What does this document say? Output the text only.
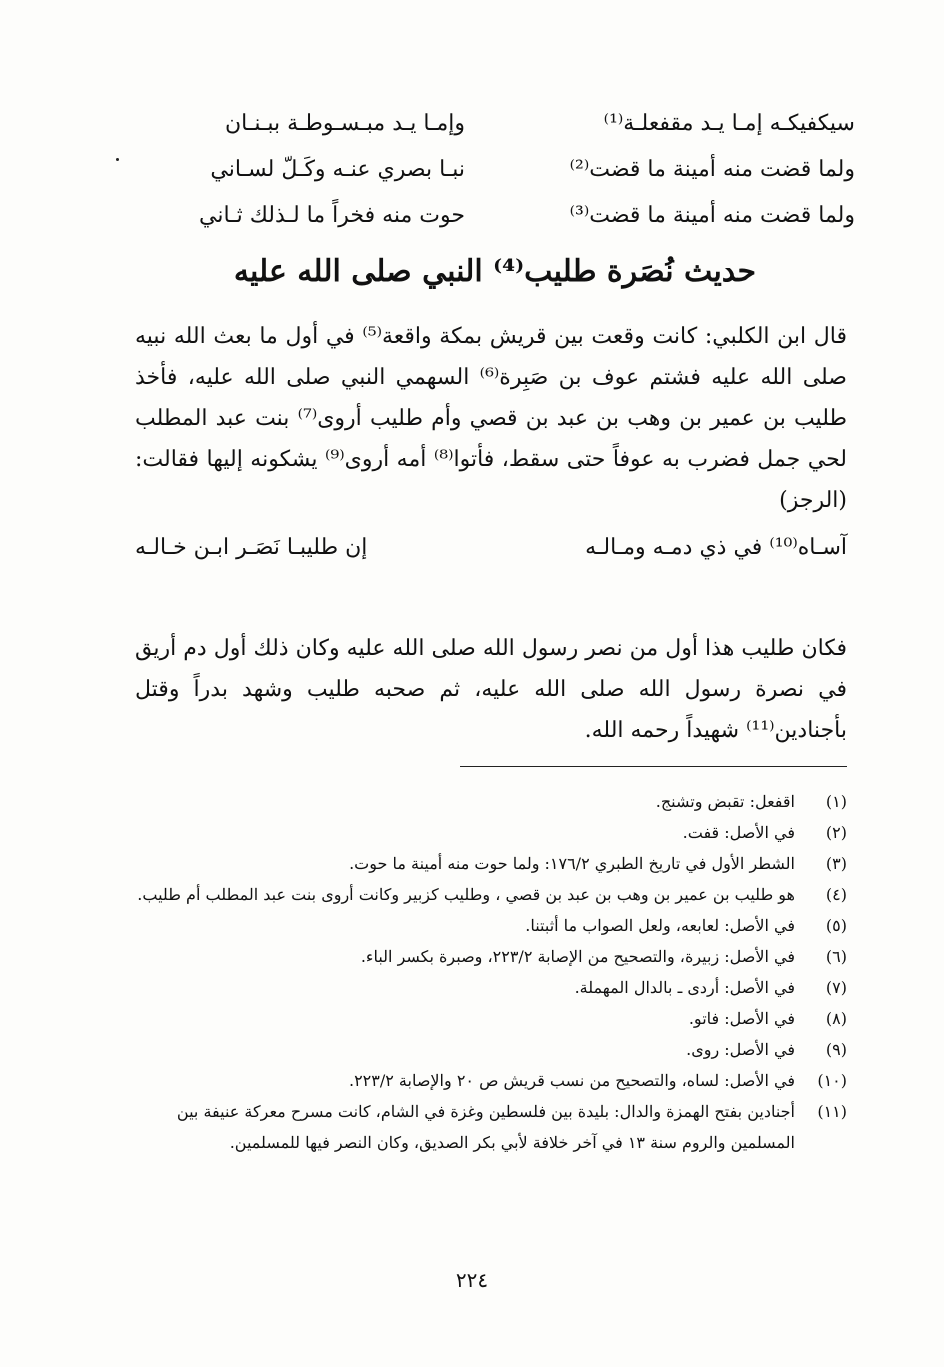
سيكفيكـه إمـا يـد مقفعلـة⁽¹⁾
وإمـا يـد مبـسـوطـة ببـنـان
ولما قضت منه أمينة ما قضت⁽²⁾
نبـا بصري عنـه وكَـلّ لسـاني
ولما قضت منه أمينة ما قضت⁽³⁾
حوت منه فخراً ما لـذلك ثـاني
حديث نُصَرة طليب⁽⁴⁾ النبي صلى الله عليه
قال ابن الكلبي: كانت وقعت بين قريش بمكة واقعة⁽⁵⁾ في أول ما بعث الله نبيه صلى الله عليه فشتم عوف بن صَبِرة⁽⁶⁾ السهمي النبي صلى الله عليه، فأخذ طليب بن عمير بن وهب بن عبد بن قصي وأم طليب أروى⁽⁷⁾ بنت عبد المطلب لحي جمل فضرب به عوفاً حتى سقط، فأتوا⁽⁸⁾ أمه أروى⁽⁹⁾ يشكونه إليها فقالت: (الرجز)
إن طليبـا نَصَـر ابـن خـالـه	آسـاه⁽¹⁰⁾ في ذي دمـه ومـالـه
فكان طليب هذا أول من نصر رسول الله صلى الله عليه وكان ذلك أول دم أريق في نصرة رسول الله صلى الله عليه، ثم صحبه طليب وشهد بدراً وقتل بأجنادين⁽¹¹⁾ شهيداً رحمه الله.
(١)
اقفعل: تقبض وتشنج.
(٢)
في الأصل: قفت.
(٣)
الشطر الأول في تاريخ الطبري ١٧٦/٢: ولما حوت منه أمينة ما حوت.
(٤)
هو طليب بن عمير بن وهب بن عبد بن قصي ، وطليب كزبير وكانت أروى بنت عبد المطلب أم طليب.
(٥)
في الأصل: لعابعه، ولعل الصواب ما أثبتنا.
(٦)
في الأصل: زبيرة، والتصحيح من الإصابة ٢٢٣/٢، وصبرة بكسر الباء.
(٧)
في الأصل: أردى ـ بالدال المهملة.
(٨)
في الأصل: فاتو.
(٩)
في الأصل: روى.
(١٠)
في الأصل: لساه، والتصحيح من نسب قريش ص ٢٠ والإصابة ٢٢٣/٢.
(١١)
أجنادين بفتح الهمزة والدال: بليدة بين فلسطين وغزة في الشام، كانت مسرح معركة عنيفة بين المسلمين والروم سنة ١٣ في آخر خلافة لأبي بكر الصديق، وكان النصر فيها للمسلمين.
٢٢٤
